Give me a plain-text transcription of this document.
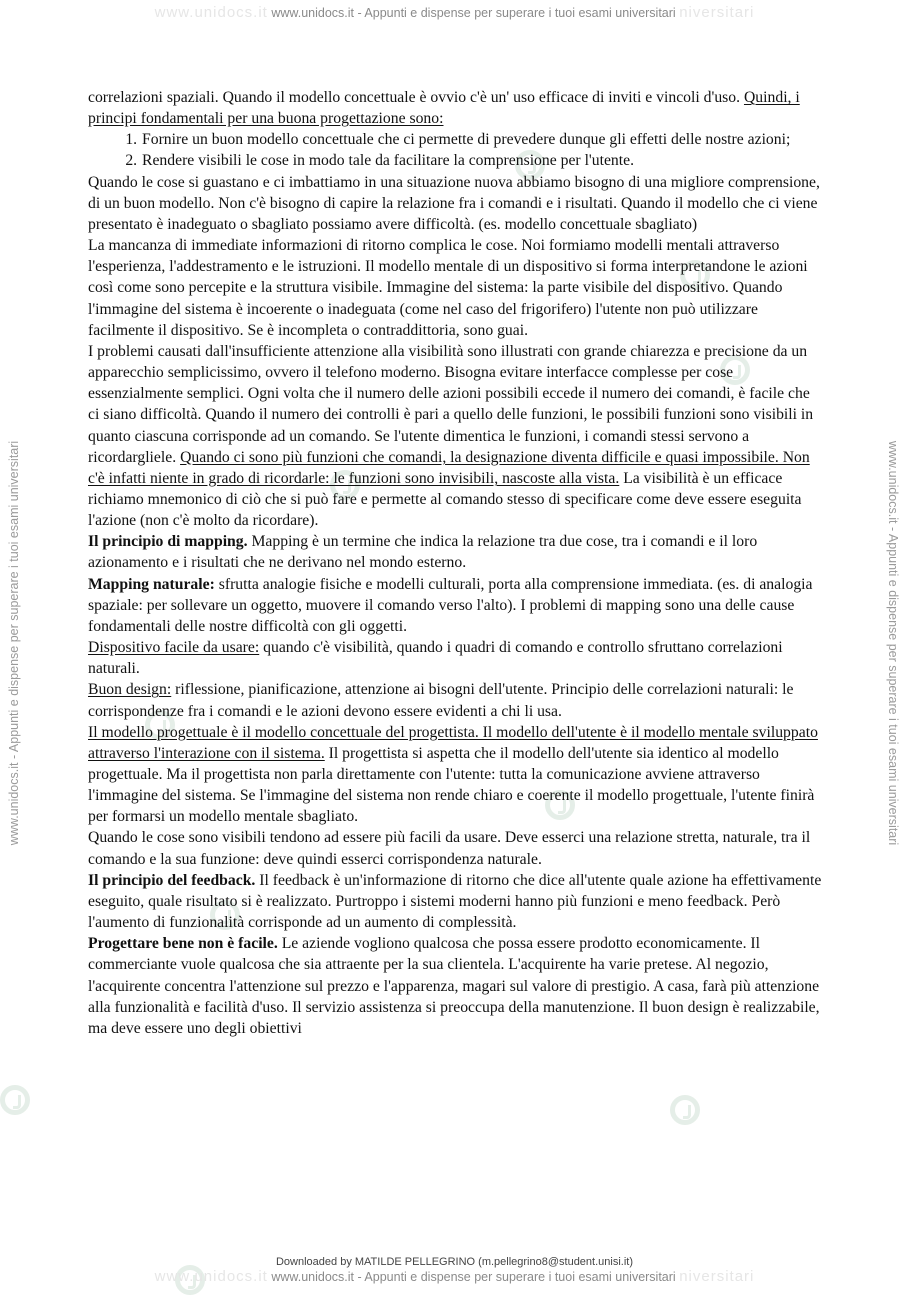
www.unidocs.it www.unidocs.it - Appunti e dispense per superare i tuoi esami universitari niversitari
www.unidocs.it - Appunti e dispense per superare i tuoi esami universitari	www.unidocs.it - Appunti e dispense per superare i tuoi esami universitari

correlazioni spaziali. Quando il modello concettuale è ovvio c'è un' uso efficace di inviti e vincoli d'uso. Quindi, i principi fondamentali per una buona progettazione sono:

1. Fornire un buon modello concettuale che ci permette di prevedere dunque gli effetti delle nostre azioni;
2. Rendere visibili le cose in modo tale da facilitare la comprensione per l'utente.

Quando le cose si guastano e ci imbattiamo in una situazione nuova abbiamo bisogno di una migliore comprensione, di un buon modello. Non c'è bisogno di capire la relazione fra i comandi e i risultati. Quando il modello che ci viene presentato è inadeguato o sbagliato possiamo avere difficoltà. (es. modello concettuale sbagliato)

La mancanza di immediate informazioni di ritorno complica le cose. Noi formiamo modelli mentali attraverso l'esperienza, l'addestramento e le istruzioni. Il modello mentale di un dispositivo si forma interpretandone le azioni così come sono percepite e la struttura visibile. Immagine del sistema: la parte visibile del dispositivo. Quando l'immagine del sistema è incoerente o inadeguata (come nel caso del frigorifero) l'utente non può utilizzare facilmente il dispositivo. Se è incompleta o contraddittoria, sono guai.

I problemi causati dall'insufficiente attenzione alla visibilità sono illustrati con grande chiarezza e precisione da un apparecchio semplicissimo, ovvero il telefono moderno. Bisogna evitare interfacce complesse per cose essenzialmente semplici. Ogni volta che il numero delle azioni possibili eccede il numero dei comandi, è facile che ci siano difficoltà. Quando il numero dei controlli è pari a quello delle funzioni, le possibili funzioni sono visibili in quanto ciascuna corrisponde ad un comando. Se l'utente dimentica le funzioni, i comandi stessi servono a ricordargliele. Quando ci sono più funzioni che comandi, la designazione diventa difficile e quasi impossibile. Non c'è infatti niente in grado di ricordarle: le funzioni sono invisibili, nascoste alla vista. La visibilità è un efficace richiamo mnemonico di ciò che si può fare e permette al comando stesso di specificare come deve essere eseguita l'azione (non c'è molto da ricordare).

Il principio di mapping. Mapping è un termine che indica la relazione tra due cose, tra i comandi e il loro azionamento e i risultati che ne derivano nel mondo esterno.

Mapping naturale: sfrutta analogie fisiche e modelli culturali, porta alla comprensione immediata. (es. di analogia spaziale: per sollevare un oggetto, muovere il comando verso l'alto). I problemi di mapping sono una delle cause fondamentali delle nostre difficoltà con gli oggetti.

Dispositivo facile da usare: quando c'è visibilità, quando i quadri di comando e controllo sfruttano correlazioni naturali.

Buon design: riflessione, pianificazione, attenzione ai bisogni dell'utente. Principio delle correlazioni naturali: le corrispondenze fra i comandi e le azioni devono essere evidenti a chi li usa.

Il modello progettuale è il modello concettuale del progettista. Il modello dell'utente è il modello mentale sviluppato attraverso l'interazione con il sistema. Il progettista si aspetta che il modello dell'utente sia identico al modello progettuale. Ma il progettista non parla direttamente con l'utente: tutta la comunicazione avviene attraverso l'immagine del sistema. Se l'immagine del sistema non rende chiaro e coerente il modello progettuale, l'utente finirà per formarsi un modello mentale sbagliato.

Quando le cose sono visibili tendono ad essere più facili da usare. Deve esserci una relazione stretta, naturale, tra il comando e la sua funzione: deve quindi esserci corrispondenza naturale.

Il principio del feedback. Il feedback è un'informazione di ritorno che dice all'utente quale azione ha effettivamente eseguito, quale risultato si è realizzato. Purtroppo i sistemi moderni hanno più funzioni e meno feedback. Però l'aumento di funzionalità corrisponde ad un aumento di complessità.

Progettare bene non è facile. Le aziende vogliono qualcosa che possa essere prodotto economicamente. Il commerciante vuole qualcosa che sia attraente per la sua clientela. L'acquirente ha varie pretese. Al negozio, l'acquirente concentra l'attenzione sul prezzo e l'apparenza, magari sul valore di prestigio. A casa, farà più attenzione alla funzionalità e facilità d'uso. Il servizio assistenza si preoccupa della manutenzione. Il buon design è realizzabile, ma deve essere uno degli obiettivi

Downloaded by MATILDE PELLEGRINO (m.pellegrino8@student.unisi.it)
www.unidocs.it www.unidocs.it - Appunti e dispense per superare i tuoi esami universitari niversitari
